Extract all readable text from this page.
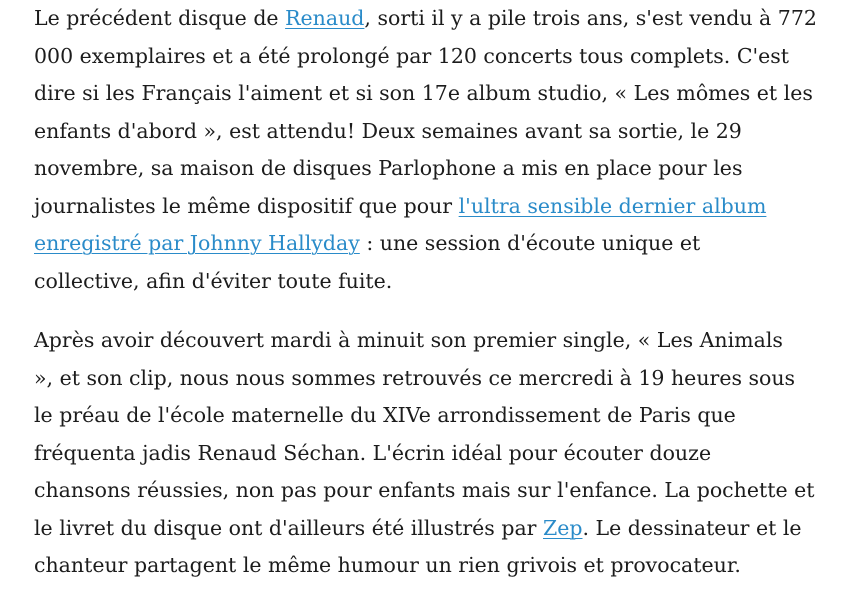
Le précédent disque de Renaud, sorti il y a pile trois ans, s'est vendu à 772
000 exemplaires et a été prolongé par 120 concerts tous complets. C'est
dire si les Français l'aiment et si son 17e album studio, « Les mômes et les
enfants d'abord », est attendu! Deux semaines avant sa sortie, le 29
novembre, sa maison de disques Parlophone a mis en place pour les
journalistes le même dispositif que pour l'ultra sensible dernier album
enregistré par Johnny Hallyday : une session d'écoute unique et
collective, afin d'éviter toute fuite.

Après avoir découvert mardi à minuit son premier single, « Les Animals
», et son clip, nous nous sommes retrouvés ce mercredi à 19 heures sous
le préau de l'école maternelle du XIVe arrondissement de Paris que
fréquenta jadis Renaud Séchan. L'écrin idéal pour écouter douze
chansons réussies, non pas pour enfants mais sur l'enfance. La pochette et
le livret du disque ont d'ailleurs été illustrés par Zep. Le dessinateur et le
chanteur partagent le même humour un rien grivois et provocateur.
